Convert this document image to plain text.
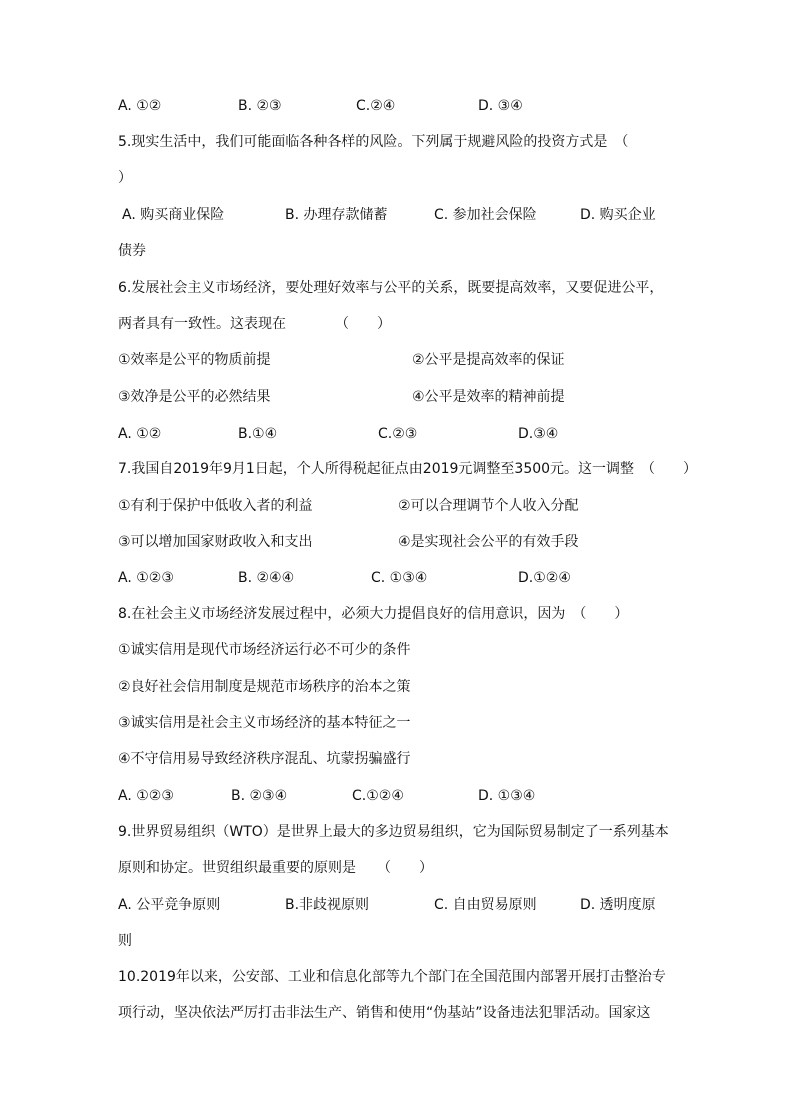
A. ①②	B. ②③	C.②④	D. ③④
5.现实生活中，我们可能面临各种各样的风险。下列属于规避风险的投资方式是　（
）
A. 购买商业保险	B. 办理存款储蓄	C. 参加社会保险	D. 购买企业
债券
6.发展社会主义市场经济，要处理好效率与公平的关系，既要提高效率，又要促进公平，
两者具有一致性。这表现在　　　　（　　）
①效率是公平的物质前提	②公平是提高效率的保证
③效净是公平的必然结果	④公平是效率的精神前提
A. ①②	B.①④	C.②③	D.③④
7.我国自2019年9月1日起，个人所得税起征点由2019元调整至3500元。这一调整　（　　）
①有利于保护中低收入者的利益	②可以合理调节个人收入分配
③可以增加国家财政收入和支出	④是实现社会公平的有效手段
A. ①②③	B. ②④④	C. ①③④	D.①②④
8.在社会主义市场经济发展过程中，必须大力提倡良好的信用意识，因为　（　　）
①诚实信用是现代市场经济运行必不可少的条件
②良好社会信用制度是规范市场秩序的治本之策
③诚实信用是社会主义市场经济的基本特征之一
④不守信用易导致经济秩序混乱、坑蒙拐骗盛行
A. ①②③	B. ②③④	C.①②④	D. ①③④
9.世界贸易组织（WTO）是世界上最大的多边贸易组织，它为国际贸易制定了一系列基本
原则和协定。世贸组织最重要的原则是　　（　　）
A. 公平竞争原则	B.非歧视原则	C. 自由贸易原则	D. 透明度原
则
10.2019年以来，公安部、工业和信息化部等九个部门在全国范围内部署开展打击整治专
项行动，坚决依法严厉打击非法生产、销售和使用“伪基站”设备违法犯罪活动。国家这
